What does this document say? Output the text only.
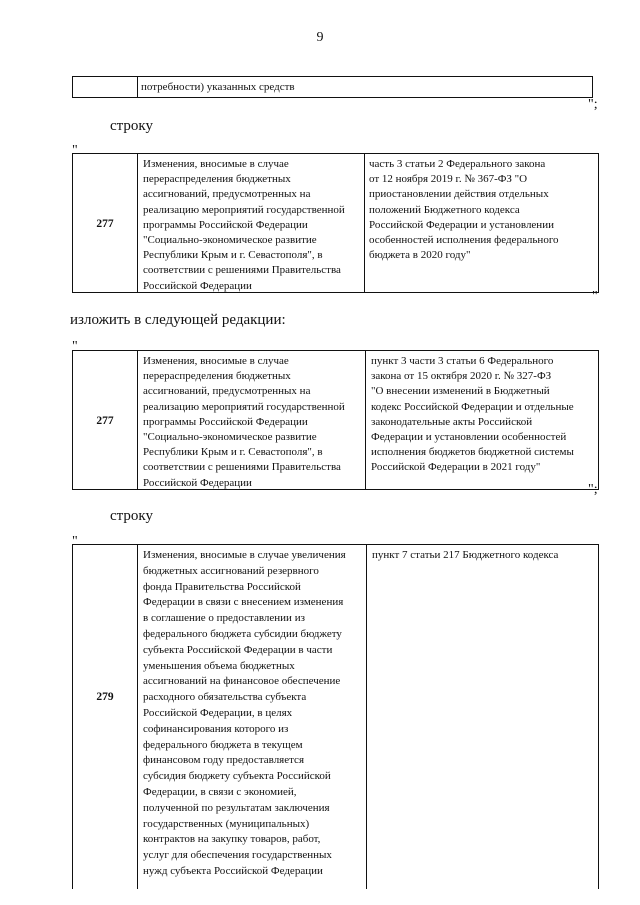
9
потребности) указанных средств
";
строку
"
277
Изменения, вносимые в случае
перераспределения бюджетных
ассигнований, предусмотренных на
реализацию мероприятий государственной
программы Российской Федерации
"Социально-экономическое развитие
Республики Крым и г. Севастополя", в
соответствии с решениями Правительства
Российской Федерации
часть 3 статьи 2 Федерального закона
от 12 ноября 2019 г. № 367-ФЗ "О
приостановлении действия отдельных
положений Бюджетного кодекса
Российской Федерации и установлении
особенностей исполнения федерального
бюджета в 2020 году"
"
изложить в следующей редакции:
"
277
Изменения, вносимые в случае
перераспределения бюджетных
ассигнований, предусмотренных на
реализацию мероприятий государственной
программы Российской Федерации
"Социально-экономическое развитие
Республики Крым и г. Севастополя", в
соответствии с решениями Правительства
Российской Федерации
пункт 3 части 3 статьи 6 Федерального
закона от 15 октября 2020 г. № 327-ФЗ
"О внесении изменений в Бюджетный
кодекс Российской Федерации и отдельные
законодательные акты Российской
Федерации и установлении особенностей
исполнения бюджетов бюджетной системы
Российской Федерации в 2021 году"
";
строку
"
279
Изменения, вносимые в случае увеличения
бюджетных ассигнований резервного
фонда Правительства Российской
Федерации в связи с внесением изменения
в соглашение о предоставлении из
федерального бюджета субсидии бюджету
субъекта Российской Федерации в части
уменьшения объема бюджетных
ассигнований на финансовое обеспечение
расходного обязательства субъекта
Российской Федерации, в целях
софинансирования которого из
федерального бюджета в текущем
финансовом году предоставляется
субсидия бюджету субъекта Российской
Федерации, в связи с экономией,
полученной по результатам заключения
государственных (муниципальных)
контрактов на закупку товаров, работ,
услуг для обеспечения государственных
нужд субъекта Российской Федерации
пункт 7 статьи 217 Бюджетного кодекса
